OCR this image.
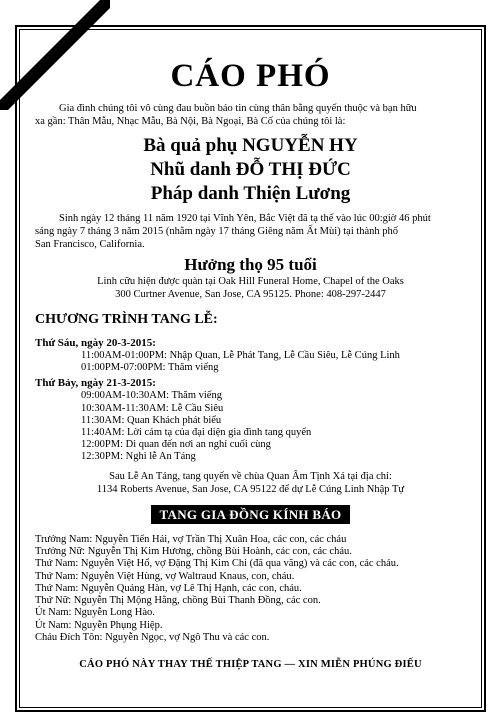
CÁO PHÓ
Gia đình chúng tôi vô cùng đau buồn báo tin cùng thân bằng quyến thuộc và bạn hữu
xa gần: Thân Mẫu, Nhạc Mẫu, Bà Nội, Bà Ngoại, Bà Cố của chúng tôi là:
Bà quả phụ NGUYỄN HY
Nhũ danh ĐỖ THỊ ĐỨC
Pháp danh Thiện Lương
Sinh ngày 12 tháng 11 năm 1920 tại Vĩnh Yên, Bắc Việt đã tạ thế vào lúc 00:giờ 46 phút
sáng ngày 7 tháng 3 năm 2015 (nhằm ngày 17 tháng Giêng năm Ất Mùi) tại thành phố
San Francisco, California.
Hưởng thọ 95 tuổi
Linh cữu hiện được quàn tại Oak Hill Funeral Home, Chapel of the Oaks
300 Curtner Avenue, San Jose, CA 95125. Phone: 408-297-2447
CHƯƠNG TRÌNH TANG LỄ:
Thứ Sáu, ngày 20-3-2015:
11:00AM-01:00PM: Nhập Quan, Lễ Phát Tang, Lễ Cầu Siêu, Lễ Cúng Linh
01:00PM-07:00PM: Thăm viếng
Thứ Bảy, ngày 21-3-2015:
09:00AM-10:30AM: Thăm viếng
10:30AM-11:30AM: Lễ Cầu Siêu
11:30AM: Quan Khách phát biểu
11:40AM: Lời cảm tạ của đại diện gia đình tang quyến
12:00PM: Di quan đến nơi an nghỉ cuối cùng
12:30PM: Nghi lễ An Táng
Sau Lễ An Táng, tang quyến về chùa Quan Âm Tịnh Xá tại địa chỉ:
1134 Roberts Avenue, San Jose, CA 95122 để dự Lễ Cúng Linh Nhập Tự
TANG GIA ĐỒNG KÍNH BÁO
Trưởng Nam: Nguyễn Tiến Hải, vợ Trần Thị Xuân Hoa, các con, các cháu
Trưởng Nữ: Nguyễn Thị Kim Hương, chồng Bùi Hoành, các con, các cháu.
Thứ Nam: Nguyễn Việt Hổ, vợ Đặng Thị Kim Chi (đã qua vãng) và các con, các cháu.
Thứ Nam: Nguyễn Việt Hùng, vợ Waltraud Knaus, con, cháu.
Thứ Nam: Nguyễn Quảng Hàn, vợ Lê Thị Hạnh, các con, cháu.
Thứ Nữ: Nguyễn Thị Mộng Hằng, chồng Bùi Thanh Đồng, các con.
Út Nam: Nguyễn Long Hào.
Út Nam: Nguyễn Phụng Hiệp.
Cháu Đích Tôn: Nguyễn Ngọc, vợ Ngô Thu và các con.
CÁO PHÓ NÀY THAY THẾ THIỆP TANG — XIN MIỄN PHÚNG ĐIẾU
